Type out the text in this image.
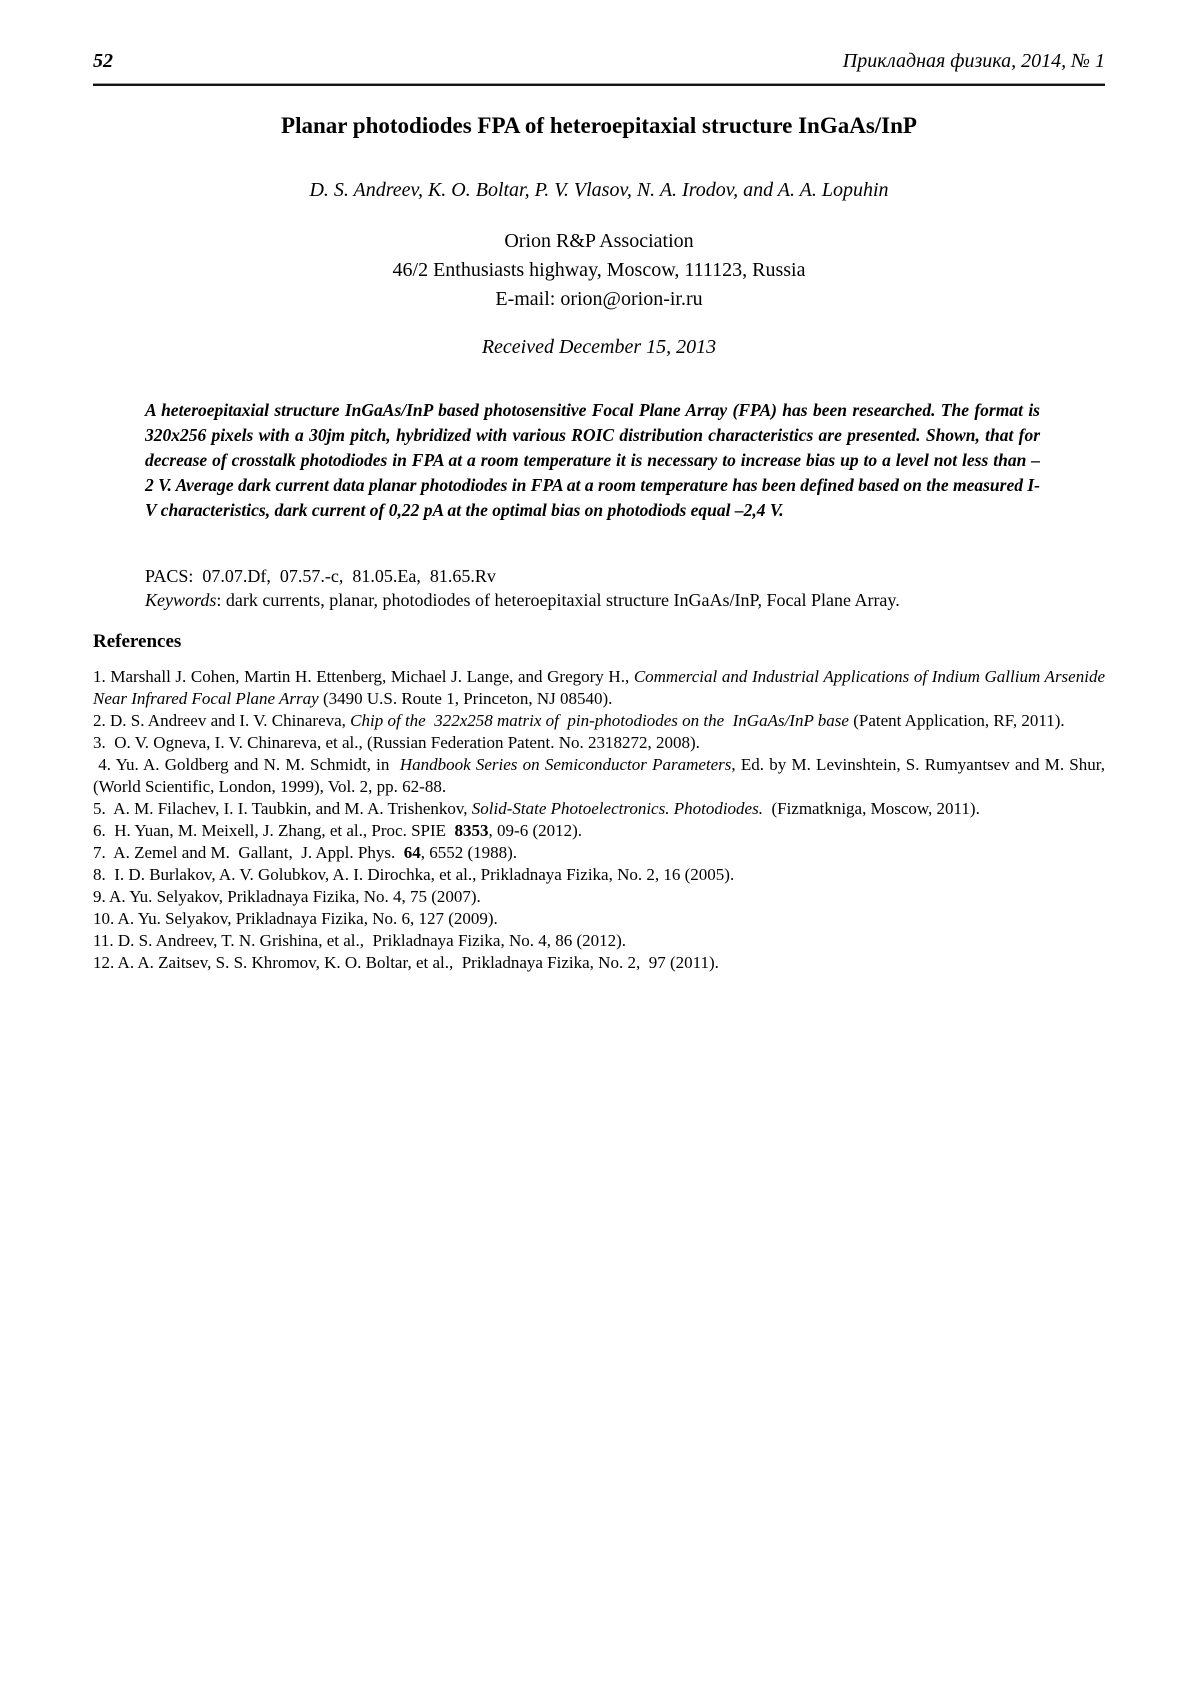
52	Прикладная физика, 2014, № 1
Planar photodiodes FPA of heteroepitaxial structure InGaAs/InP
D. S. Andreev, K. O. Boltar, P. V. Vlasov, N. A. Irodov, and A. A. Lopuhin
Orion R&P Association
46/2 Enthusiasts highway, Moscow, 111123, Russia
E-mail: orion@orion-ir.ru
Received December 15, 2013

A heteroepitaxial structure InGaAs/InP based photosensitive Focal Plane Array (FPA) has been researched. The format is 320x256 pixels with a 30jm pitch, hybridized with various ROIC distribution characteristics are presented. Shown, that for decrease of crosstalk photodiodes in FPA at a room temperature it is necessary to increase bias up to a level not less than – 2 V. Average dark current data planar photodiodes in FPA at a room temperature has been defined based on the measured I-V characteristics, dark current of 0,22 pA at the optimal bias on photodiods equal –2,4 V.

PACS:  07.07.Df,  07.57.-c,  81.05.Ea,  81.65.Rv
Keywords: dark currents, planar, photodiodes of heteroepitaxial structure InGaAs/InP, Focal Plane Array.
References

1. Marshall J. Cohen, Martin H. Ettenberg, Michael J. Lange, and Gregory H., Commercial and Industrial Applications of Indium Gallium Arsenide Near Infrared Focal Plane Array (3490 U.S. Route 1, Princeton, NJ 08540).

2. D. S. Andreev and I. V. Chinareva, Chip of the  322x258 matrix of  pin-photodiodes on the  InGaAs/InP base (Patent Application, RF, 2011).

3.  O. V. Ogneva, I. V. Chinareva, et al., (Russian Federation Patent. No. 2318272, 2008).

4. Yu. A. Goldberg and N. M. Schmidt, in  Handbook Series on Semiconductor Parameters, Ed. by M. Levinshtein, S. Rumyantsev and M. Shur, (World Scientific, London, 1999), Vol. 2, pp. 62-88.

5.  A. M. Filachev, I. I. Taubkin, and M. A. Trishenkov, Solid-State Photoelectronics. Photodiodes.  (Fizmatkniga, Moscow, 2011).

6.  H. Yuan, M. Meixell, J. Zhang, et al., Proc. SPIE  8353, 09-6 (2012).

7.  A. Zemel and M.  Gallant,  J. Appl. Phys.  64, 6552 (1988).

8.  I. D. Burlakov, A. V. Golubkov, A. I. Dirochka, et al., Prikladnaya Fizika, No. 2, 16 (2005).

9. A. Yu. Selyakov, Prikladnaya Fizika, No. 4, 75 (2007).

10. A. Yu. Selyakov, Prikladnaya Fizika, No. 6, 127 (2009).

11. D. S. Andreev, T. N. Grishina, et al.,  Prikladnaya Fizika, No. 4, 86 (2012).

12. A. A. Zaitsev, S. S. Khromov, K. O. Boltar, et al.,  Prikladnaya Fizika, No. 2,  97 (2011).
